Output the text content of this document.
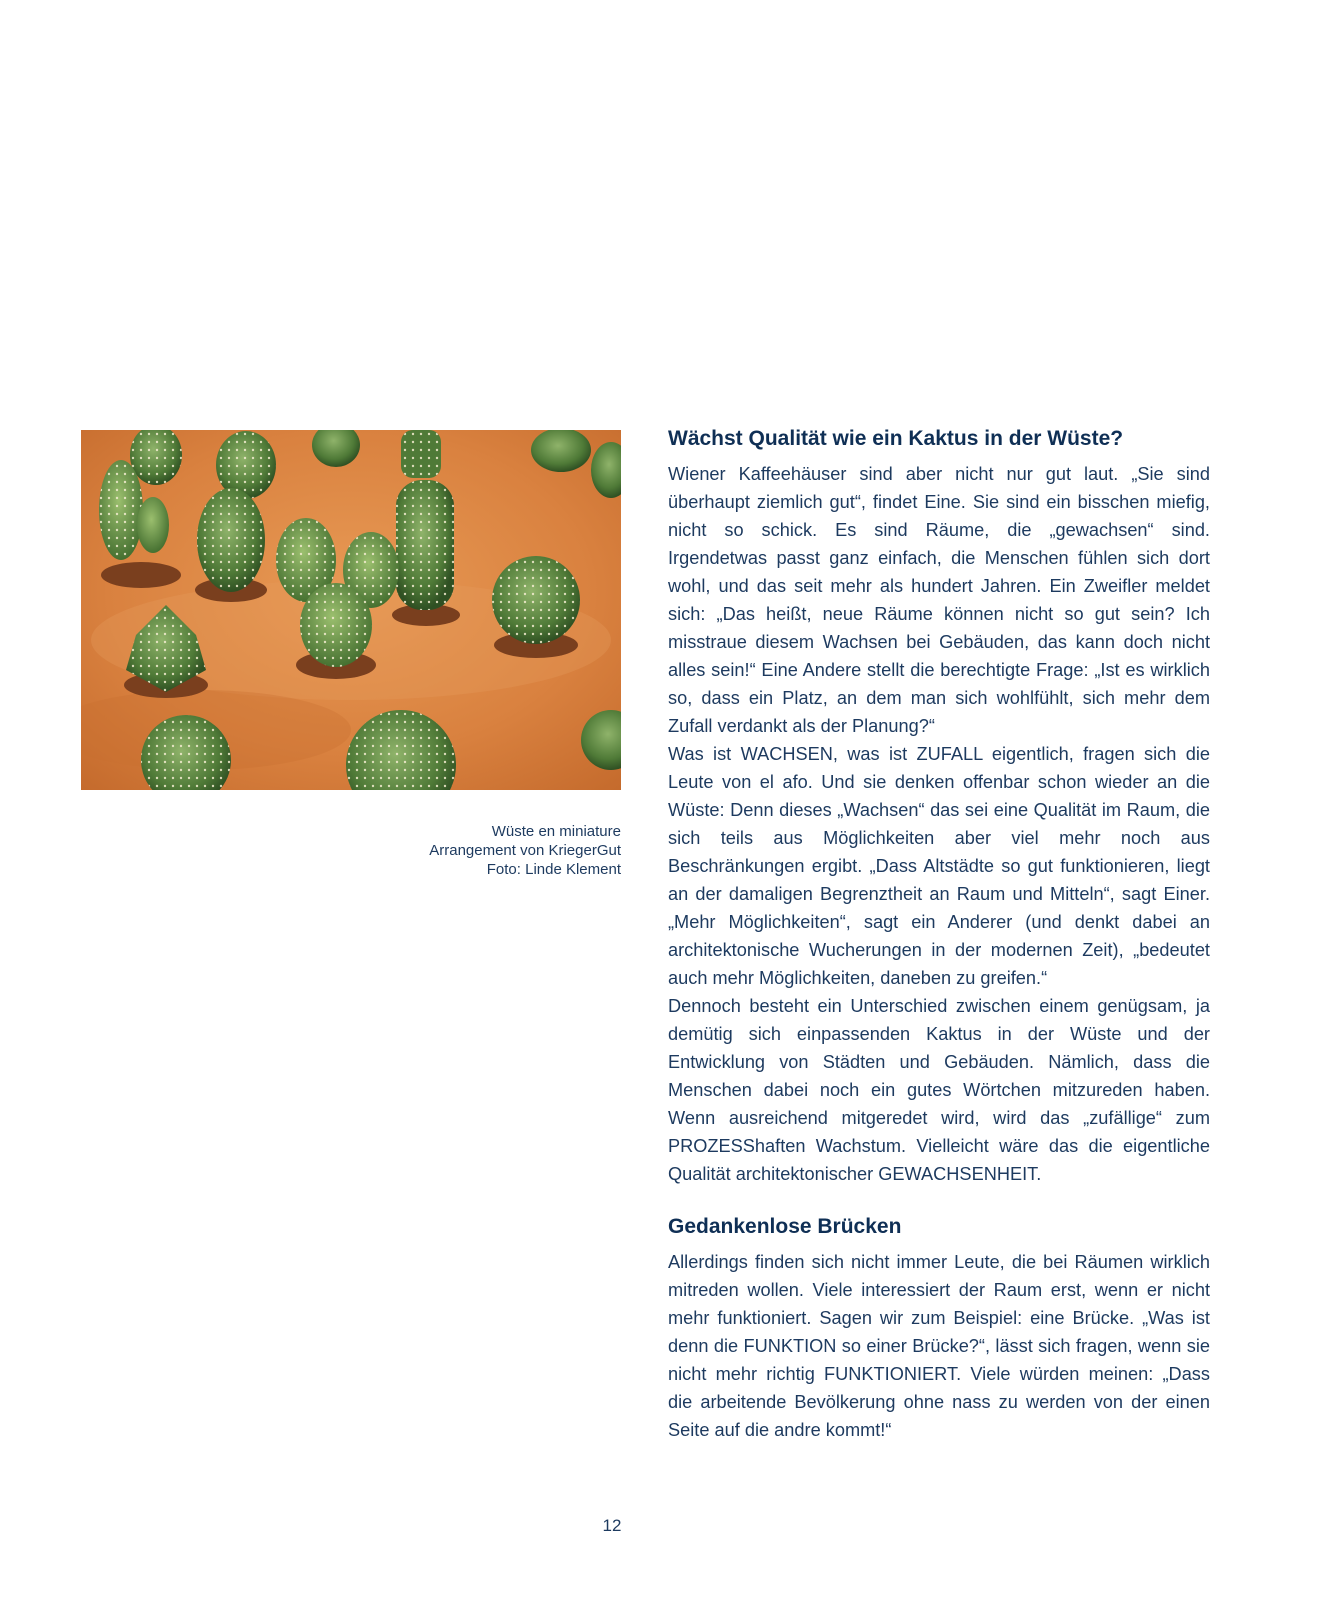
Wüste en miniature
Arrangement von KriegerGut
Foto: Linde Klement
Wächst Qualität wie ein Kaktus in der Wüste?

Wiener Kaffeehäuser sind aber nicht nur gut laut. „Sie sind überhaupt ziemlich gut“, findet Eine. Sie sind ein bisschen miefig, nicht so schick. Es sind Räume, die „gewachsen“ sind. Irgendetwas passt ganz einfach, die Menschen fühlen sich dort wohl, und das seit mehr als hundert Jahren. Ein Zweifler meldet sich: „Das heißt, neue Räume können nicht so gut sein? Ich misstraue diesem Wachsen bei Gebäuden, das kann doch nicht alles sein!“ Eine Andere stellt die berechtigte Frage: „Ist es wirklich so, dass ein Platz, an dem man sich wohlfühlt, sich mehr dem Zufall verdankt als der Planung?“

Was ist WACHSEN, was ist ZUFALL eigentlich, fragen sich die Leute von el afo. Und sie denken offenbar schon wieder an die Wüste: Denn dieses „Wachsen“ das sei eine Qualität im Raum, die sich teils aus Möglichkeiten aber viel mehr noch aus Beschränkungen ergibt. „Dass Altstädte so gut funktionieren, liegt an der damaligen Begrenztheit an Raum und Mitteln“, sagt Einer. „Mehr Möglichkeiten“, sagt ein Anderer (und denkt dabei an architektonische Wucherungen in der modernen Zeit), „bedeutet auch mehr Möglichkeiten, daneben zu greifen.“

Dennoch besteht ein Unterschied zwischen einem genügsam, ja demütig sich einpassenden Kaktus in der Wüste und der Entwicklung von Städten und Gebäuden. Nämlich, dass die Menschen dabei noch ein gutes Wörtchen mitzureden haben. Wenn ausreichend mitgeredet wird, wird das „zufällige“ zum PROZESShaften Wachstum. Vielleicht wäre das die eigentliche Qualität architektonischer GEWACHSENHEIT.

Gedankenlose Brücken

Allerdings finden sich nicht immer Leute, die bei Räumen wirklich mitreden wollen. Viele interessiert der Raum erst, wenn er nicht mehr funktioniert. Sagen wir zum Beispiel: eine Brücke. „Was ist denn die FUNKTION so einer Brücke?“, lässt sich fragen, wenn sie nicht mehr richtig FUNKTIONIERT. Viele würden meinen: „Dass die arbeitende Bevölkerung ohne nass zu werden von der einen Seite auf die andre kommt!“

12
